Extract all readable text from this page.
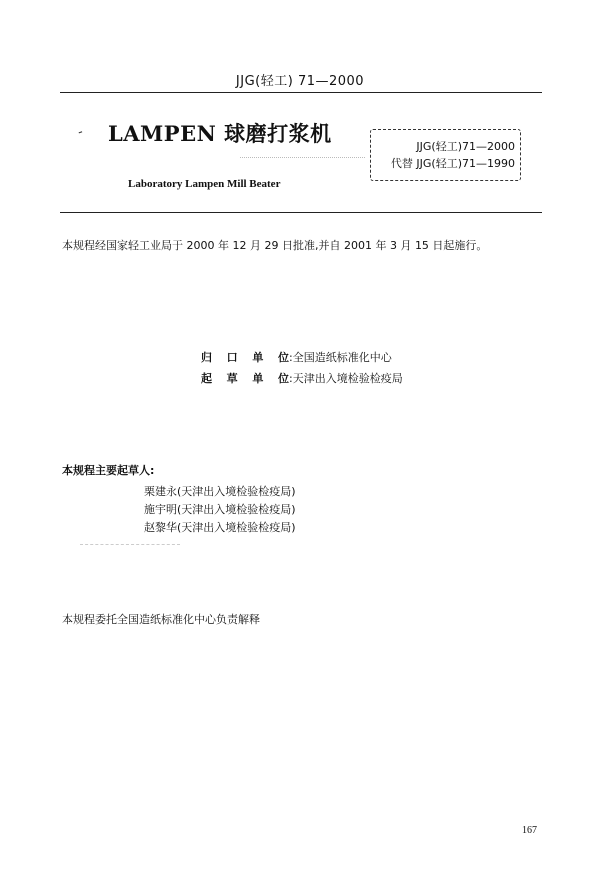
JJG(轻工) 71—2000
- LAMPEN 球磨打浆机
Laboratory Lampen Mill Beater
JJG(轻工)71—2000
代替 JJG(轻工)71—1990
本规程经国家轻工业局于 2000 年 12 月 29 日批准,并自 2001 年 3 月 15 日起施行。
归 口 单 位 :全国造纸标准化中心
起 草 单 位 :天津出入境检验检疫局
本规程主要起草人:
栗建永(天津出入境检验检疫局)
施宇明(天津出入境检验检疫局)
赵黎华(天津出入境检验检疫局)
本规程委托全国造纸标准化中心负责解释
167
